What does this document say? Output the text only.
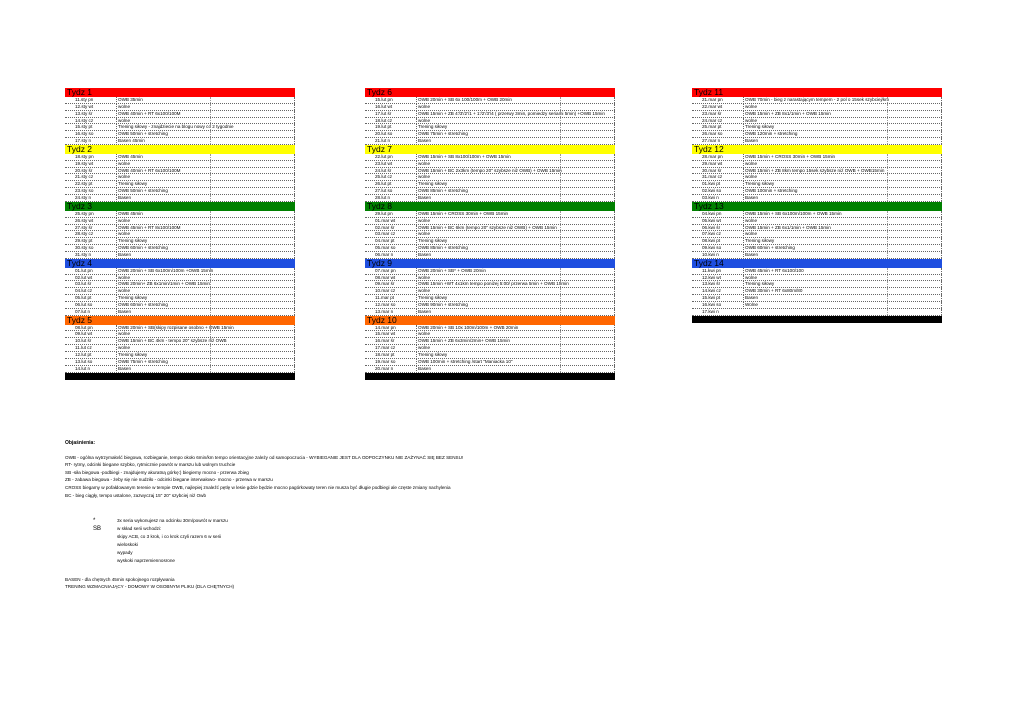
Tydz 1
11.sty pn	OWB 35min
12.sty wt	wolne
13.sty śr	OWB 40min + RT 6x100/100M
14.sty cz	wolne
15.sty pt	Trening siłowy - znajdziecie na blogu nowy co 2 tygodnie
16.sty so	OWB 50min + stretching
17.sty n	Basen 45min
Tydz 2
18.sty pn	OWB 45min
19.sty wt	wolne
20.sty śr	OWB 40min + RT 6x100/100M
21.sty cz	wolne
22.sty pt	Trening siłowy
23.sty so	OWB 50min + stretching
24.sty n	Basen
Tydz 3
25.sty pn	OWB 45min
26.sty wt	wolne
27.sty śr	OWB 45min + RT 8x100/100M
28.sty cz	wolne
29.sty pt	Trening siłowy
30.sty so	OWB 60min + stretching
31.sty n	Basen
Tydz 4
01.lut pn	OWB 20min + SB 6x100m/100m +OWB 15min
02.lut wt	wolne
03.lut śr	OWB 20min+ ZB 6x1min/1min + OWB 15min
04.lut cz	wolne
05.lut pt	Trening siłowy
06.lut so	OWB 60min + stretching
07.lut n	Basen
Tydz 5
08.lut pn	OWB 20min + SB(skipy rozpisane osobno + OWB 15min
09.lut wt	wolne
10.lut śr	OWB 15min + BC 4km - tempo 20'' szybsze niż OWB
11.lut cz	wolne
12.lut pt	Trening siłowy
13.lut so	OWB 75min + stretching
14.lut n	Basen
Tydz 6
15.lut pn	OWB 20min + SB 6x 100/100m + OWB 20min
16.lut wt	wolne
17.lut śr	OWB 15min + ZB 4'/3'/2'/1 + 1'/2'/3'/4 ( przerwy 3min, pomiedzy seriami 5min) +OWB 15min
18.lut cz	wolne
19.lut pt	Trening siłowy
20.lut so	OWB 75min + stretching
21.lut n	Basen
Tydz 7
22.lut pn	OWB 15min + SB 8x100/100m + OWB 15min
23.lut wt	wolne
24.lut śr	OWB 15min + BC 2x3km (tempo 20'' szybsze niż OWB) + OWB 15min
25.lut cz	wolne
26.lut pt	Trening siłowy
27.lut so	OWB 85min + stretching
28.lut n	Basen
Tydz 8
29.lut pn	OWB 15min + CROSS 30min + OWB 15min
01.mar wt	wolne
02.mar śr	OWB 15min + BC 6km (tempo 20'' szybsze niż OWB) + OWB 15min
03.mar cz	wolne
04.mar pt	Trening siłowy
05.mar so	OWB 85min + stretching
06.mar n	Basen
Tydz 9
07.mar pn	OWB 20min + SB* + OWB 20min
08.mar wt	wolne
09.mar śr	OWB 15min +WT 4x1km tempo poniżej 5:00/ przerwa 5min + OWB 15min
10.mar cz	wolne
11.mar pt	Trening siłowy
12.mar so	OWB 90min + stretching
13.mar n	Basen
Tydz 10
14.mar pn	OWB 20min + SB 10x 100m/100m + OWB 20min
15.mar wt	wolne
16.mar śr	OWB 15min + ZB 6x3min/2min+ OWB 15min
17.mar cz	wolne
18.mar pt	Trening siłowy
19.mar so	OWB 100min + stretching /start "Maniacka 10"
20.mar n	Basen
Tydz 11
21.mar pn	OWB 70min - bieg z narastającym tempem - 2 pol o 15sek szybciej/km
22.mar wt	wolne
23.mar śr	OWB 15min + ZB 8x1/1min + OWB 15min
24.mar cz	wolne
25.mar pt	Trening siłowy
26.mar so	OWB 120min + stretching
27.mar n	Basen
Tydz 12
28.mar pn	OWB 15min + CROSS 30min + OWB 15min
29.mar wt	wolne
30.mar śr	OWB 15min + ZB 8km tempo 15sek szybsze niż OWB + OWB15min
31.mar cz	wolne
01.kwi pt	Trening siłowy
02.kwi so	OWB 100min + stretching
03.kwi n	Basen
Tydz 13
04.kwi pn	OWB 15min + SB 6x100m/100m + OWB 15min
05.kwi wt	wolne
06.kwi śr	OWB 15min + ZB 6x1/1min + OWB 15min
07.kwi cz	wolne
08.kwi pt	Trening siłowy
09.kwi so	OWB 60min + stretching
10.kwi n	Basen
Tydz 14
11.kwi pn	OWB 45min + RT 6x100/100
12.kwi wt	wolne
13.kwi śr	Trening siłowy
14.kwi cz	OWB 30min + RT 6x80m/80
15.kwi pt	Basen
16.kwi so	Wolne
17.kwi n
Objaśnienia:
OWB - ogólna wytrzymałość biegowa, rozbieganie, tempo około 6min/km tempo orientacyjne zależy od samopoczucia - WYBIEGANIE JEST DLA ODPOCZYNKU NIE ZAŻYNAĆ SIĘ BEZ SENSU!
RT- rytmy, odcinki biegane szybko, rytmicznie powrót w marszu lub wolnym truchcie
SB -siła biegowa -podbiegi - znajdujemy akuratną górkę:) biegiemy mocno - przerwa zbieg
ZB - zabawa biegowa - żeby się nie nudziło - odcinki biegane interwałowo- mocno - przerwa w marszu
CROSS biegamy w pofałdowanym terenie w tempie OWB, najlepiej znaleźć pętlę w lesie gdzie będzie mocno pagórkowaty teren nie musza być długie podbiegi ale częste zmiany nachylenia
BC - bieg ciągły, tempo ustalone, zazwyczaj 15'' 20'' szybciej niż Owb
* SB
3x seria wykonujesz na odcinku 30m/powrót w marszu
w skład serii wchodzi:
skipy ACB, co 3 krok, i co krok czyli razem 6 w serii
wieloskoki
wypady
wyskoki naprzemiennosrone
BASEN - dla chętnych 45min spokojnego rozpływania
TRENING WZMACNIAJĄCY - DOMOWY W OSOBNYM PLIKU (DLA CHĘTNYCH)
